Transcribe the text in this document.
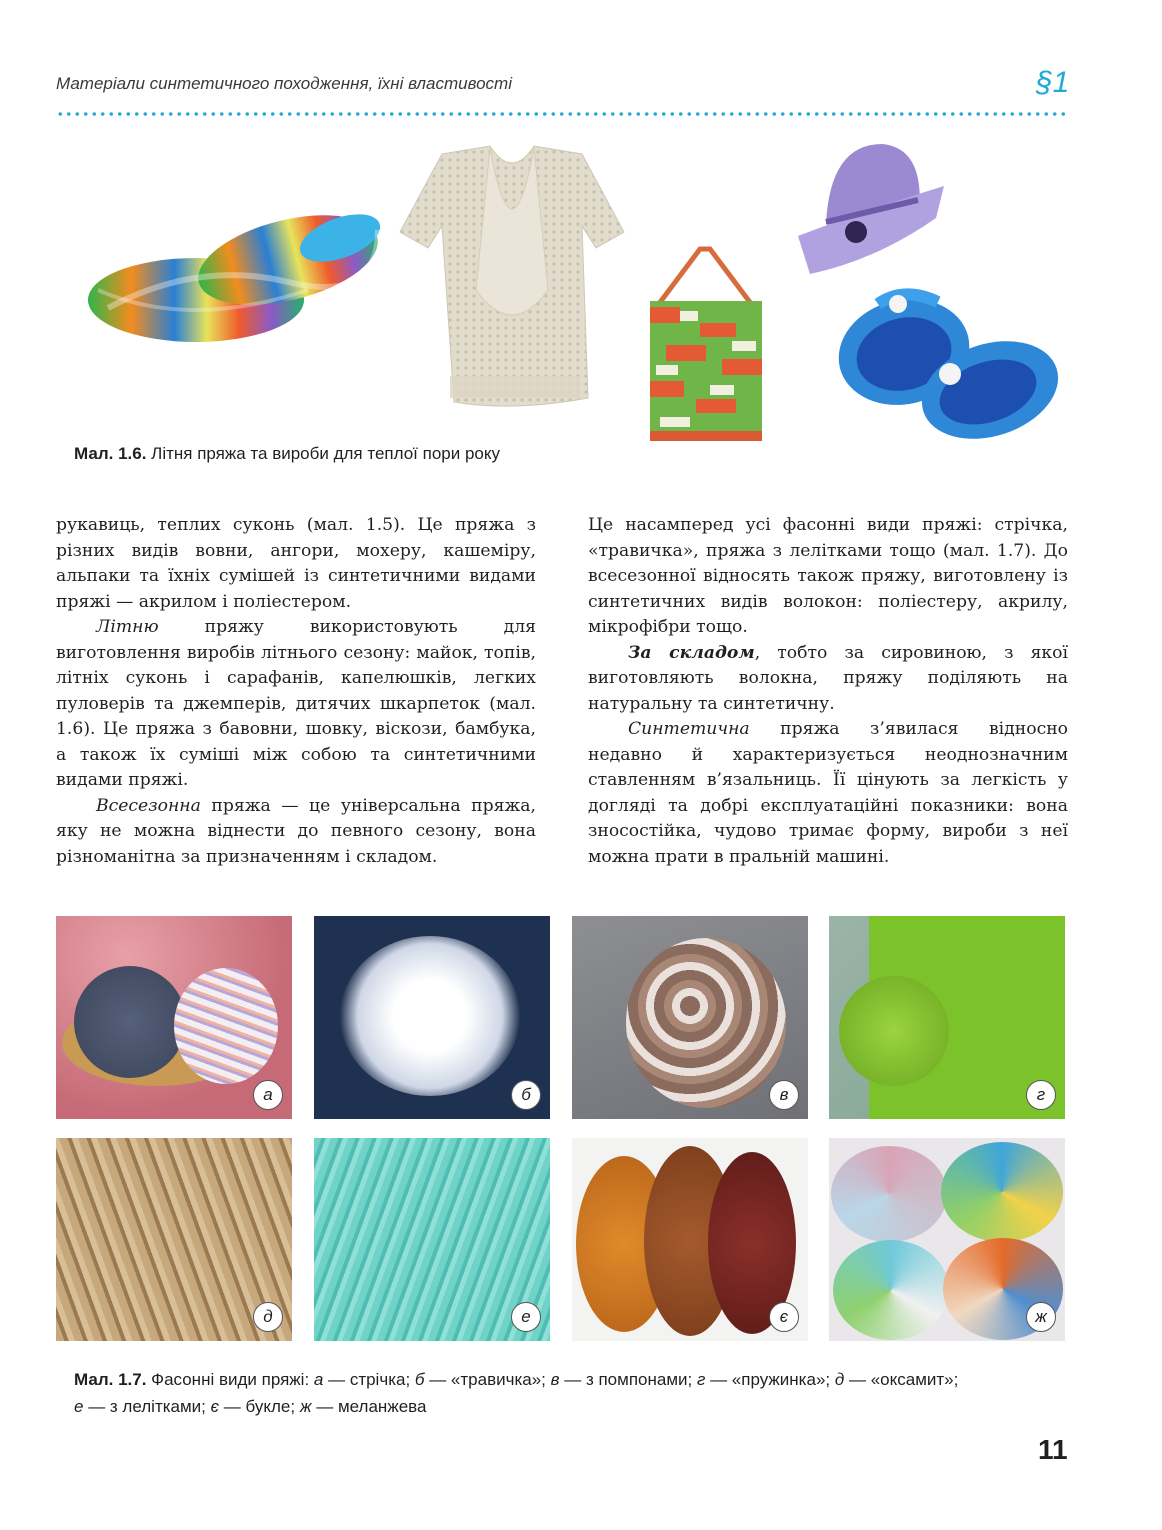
Матеріали синтетичного походження, їхні властивості	§1
Мал. 1.6. Літня пряжа та вироби для теплої пори року

рукавиць, теплих суконь (мал. 1.5). Це пряжа з різних видів вовни, ангори, мохеру, кашеміру, альпаки та їхніх сумішей із синтетичними видами пряжі — акрилом і поліестером.

Літню пряжу використовують для виготовлення виробів літнього сезону: майок, топів, літніх суконь і сарафанів, капелюшків, легких пуловерів та джемперів, дитячих шкарпеток (мал. 1.6). Це пряжа з бавовни, шовку, віскози, бамбука, а також їх суміші між собою та синтетичними видами пряжі.

Всесезонна пряжа — це універсальна пряжа, яку не можна віднести до певного сезону, вона різноманітна за призначенням і складом.

Це насамперед усі фасонні види пряжі: стрічка, «травичка», пряжа з лелітками тощо (мал. 1.7). До всесезонної відносять також пряжу, виготовлену із синтетичних видів волокон: поліестеру, акрилу, мікрофібри тощо.

За складом, тобто за сировиною, з якої виготовляють волокна, пряжу поділяють на натуральну та синтетичну.

Синтетична пряжа з’явилася відносно недавно й характеризується неоднозначним ставленням в’язальниць. Її цінують за легкість у догляді та добрі експлуатаційні показники: вона зносостійка, чудово тримає форму, вироби з неї можна прати в пральній машині.

а	б	в	г
д	е	є	ж
Мал. 1.7. Фасонні види пряжі: а — стрічка; б — «травичка»; в — з помпонами; г — «пружинка»; д — «оксамит»;
е — з лелітками; є — букле; ж — меланжева
11
